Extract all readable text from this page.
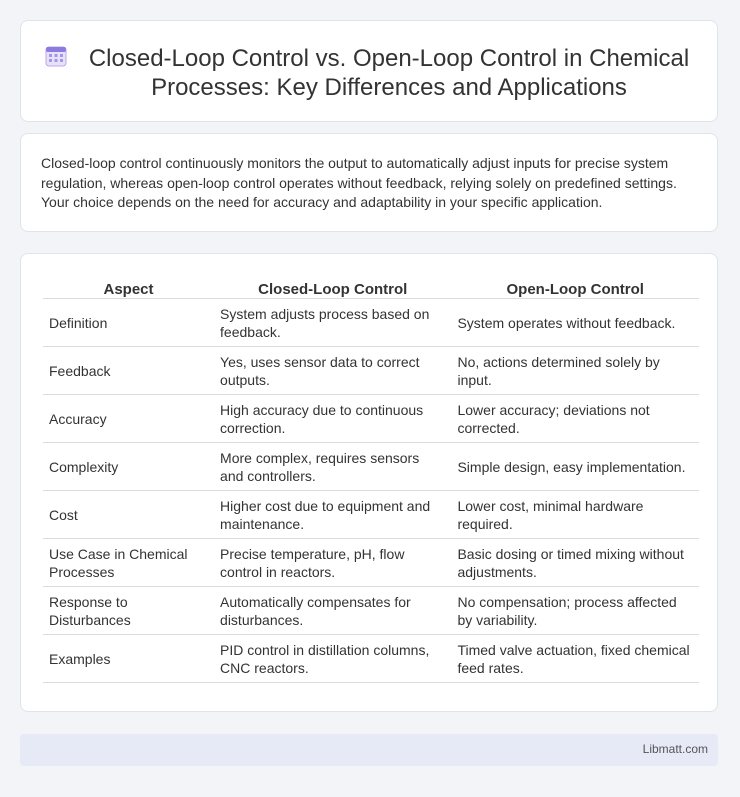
Closed-Loop Control vs. Open-Loop Control in Chemical Processes: Key Differences and Applications

Closed-loop control continuously monitors the output to automatically adjust inputs for precise system regulation, whereas open-loop control operates without feedback, relying solely on predefined settings. Your choice depends on the need for accuracy and adaptability in your specific application.

Aspect	Closed-Loop Control	Open-Loop Control
Definition	System adjusts process based on feedback.	System operates without feedback.
Feedback	Yes, uses sensor data to correct outputs.	No, actions determined solely by input.
Accuracy	High accuracy due to continuous correction.	Lower accuracy; deviations not corrected.
Complexity	More complex, requires sensors and controllers.	Simple design, easy implementation.
Cost	Higher cost due to equipment and maintenance.	Lower cost, minimal hardware required.
Use Case in Chemical Processes	Precise temperature, pH, flow control in reactors.	Basic dosing or timed mixing without adjustments.
Response to Disturbances	Automatically compensates for disturbances.	No compensation; process affected by variability.
Examples	PID control in distillation columns, CNC reactors.	Timed valve actuation, fixed chemical feed rates.
Libmatt.com
